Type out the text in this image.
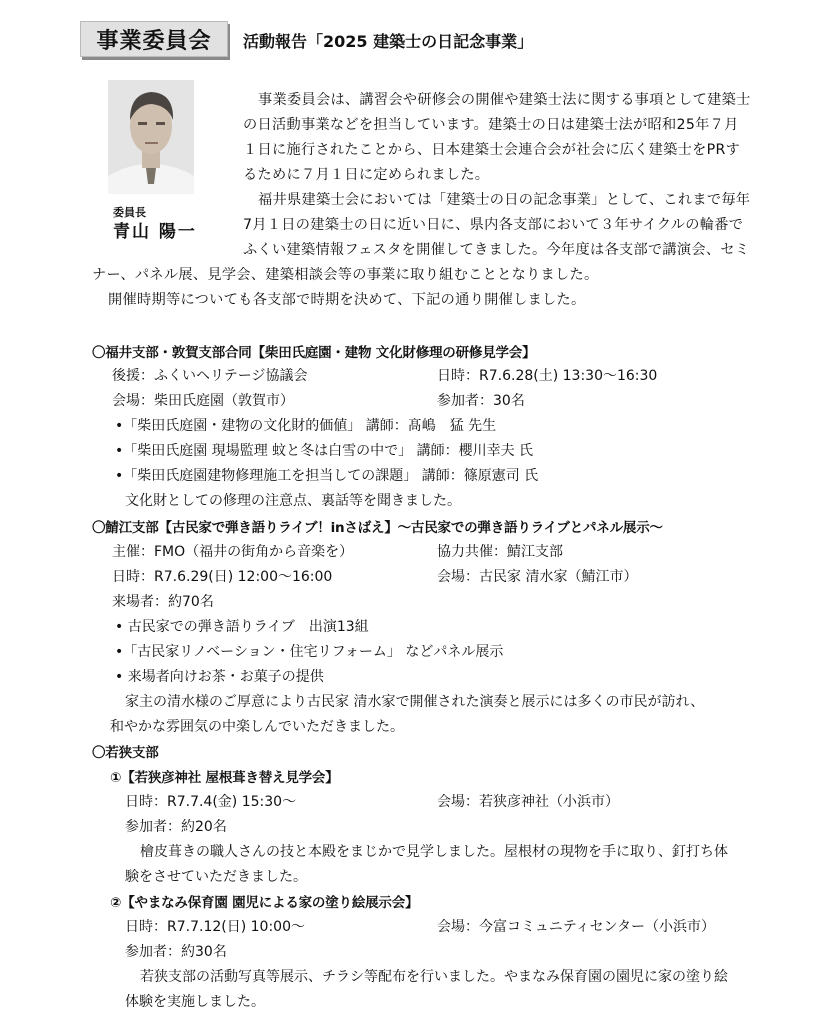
事業委員会 活動報告「2025 建築士の日記念事業」
委員長
青山 陽一
事業委員会は、講習会や研修会の開催や建築士法に関する事項として建築士
の日活動事業などを担当しています。建築士の日は建築士法が昭和25年７月
１日に施行されたことから、日本建築士会連合会が社会に広く建築士をPRす
るために７月１日に定められました。
福井県建築士会においては「建築士の日の記念事業」として、これまで毎年
7月１日の建築士の日に近い日に、県内各支部において３年サイクルの輪番で
ふくい建築情報フェスタを開催してきました。今年度は各支部で講演会、セミ
ナー、パネル展、見学会、建築相談会等の事業に取り組むこととなりました。
開催時期等についても各支部で時期を決めて、下記の通り開催しました。
〇福井支部・敦賀支部合同【柴田氏庭園・建物 文化財修理の研修見学会】
後援：ふくいヘリテージ協議会	日時：R7.6.28(土) 13:30～16:30
会場：柴田氏庭園（敦賀市）	参加者：30名
•「柴田氏庭園・建物の文化財的価値」 講師：髙嶋　猛 先生
•「柴田氏庭園 現場監理 蚊と冬は白雪の中で」 講師：櫻川幸夫 氏
•「柴田氏庭園建物修理施工を担当しての課題」 講師：篠原憲司 氏
文化財としての修理の注意点、裏話等を聞きました。
〇鯖江支部【古民家で弾き語りライブ！inさばえ】～古民家での弾き語りライブとパネル展示～
主催：FMO（福井の街角から音楽を）	協力共催：鯖江支部
日時：R7.6.29(日) 12:00～16:00	会場：古民家 清水家（鯖江市）
来場者：約70名
• 古民家での弾き語りライブ　出演13組
•「古民家リノベーション・住宅リフォーム」 などパネル展示
• 来場者向けお茶・お菓子の提供
家主の清水様のご厚意により古民家 清水家で開催された演奏と展示には多くの市民が訪れ、
和やかな雰囲気の中楽しんでいただきました。
〇若狭支部
①【若狭彦神社 屋根葺き替え見学会】
日時：R7.7.4(金) 15:30～	会場：若狭彦神社（小浜市）
参加者：約20名
檜皮葺きの職人さんの技と本殿をまじかで見学しました。屋根材の現物を手に取り、釘打ち体
験をさせていただきました。
②【やまなみ保育園 園児による家の塗り絵展示会】
日時：R7.7.12(日) 10:00～	会場：今富コミュニティセンター（小浜市）
参加者：約30名
若狭支部の活動写真等展示、チラシ等配布を行いました。やまなみ保育園の園児に家の塗り絵
体験を実施しました。
